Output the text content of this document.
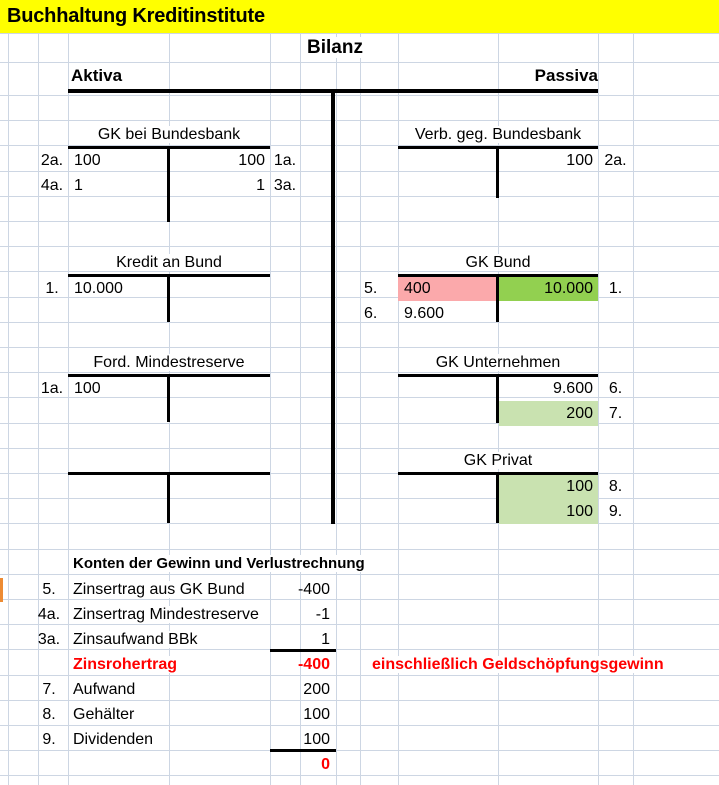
Buchhaltung Kreditinstitute
Bilanz
Aktiva	Passiva
GK bei Bundesbank
2a. 100	100 1a.
4a. 1	1 3a.
Verb. geg. Bundesbank
100 2a.
Kredit an Bund
1. 10.000
GK Bund
5. 400	10.000 1.
6. 9.600
Ford. Mindestreserve
1a. 100
GK Unternehmen
9.600 6.
200 7.
GK Privat
100 8.
100 9.
Konten der Gewinn und Verlustrechnung
5.	Zinsertrag aus GK Bund	-400
4a. Zinsertrag Mindestreserve	-1
3a. Zinsaufwand BBk	1
Zinsrohertrag	-400	einschließlich Geldschöpfungsgewinn
7.	Aufwand	200
8.	Gehälter	100
9.	Dividenden	100
0
